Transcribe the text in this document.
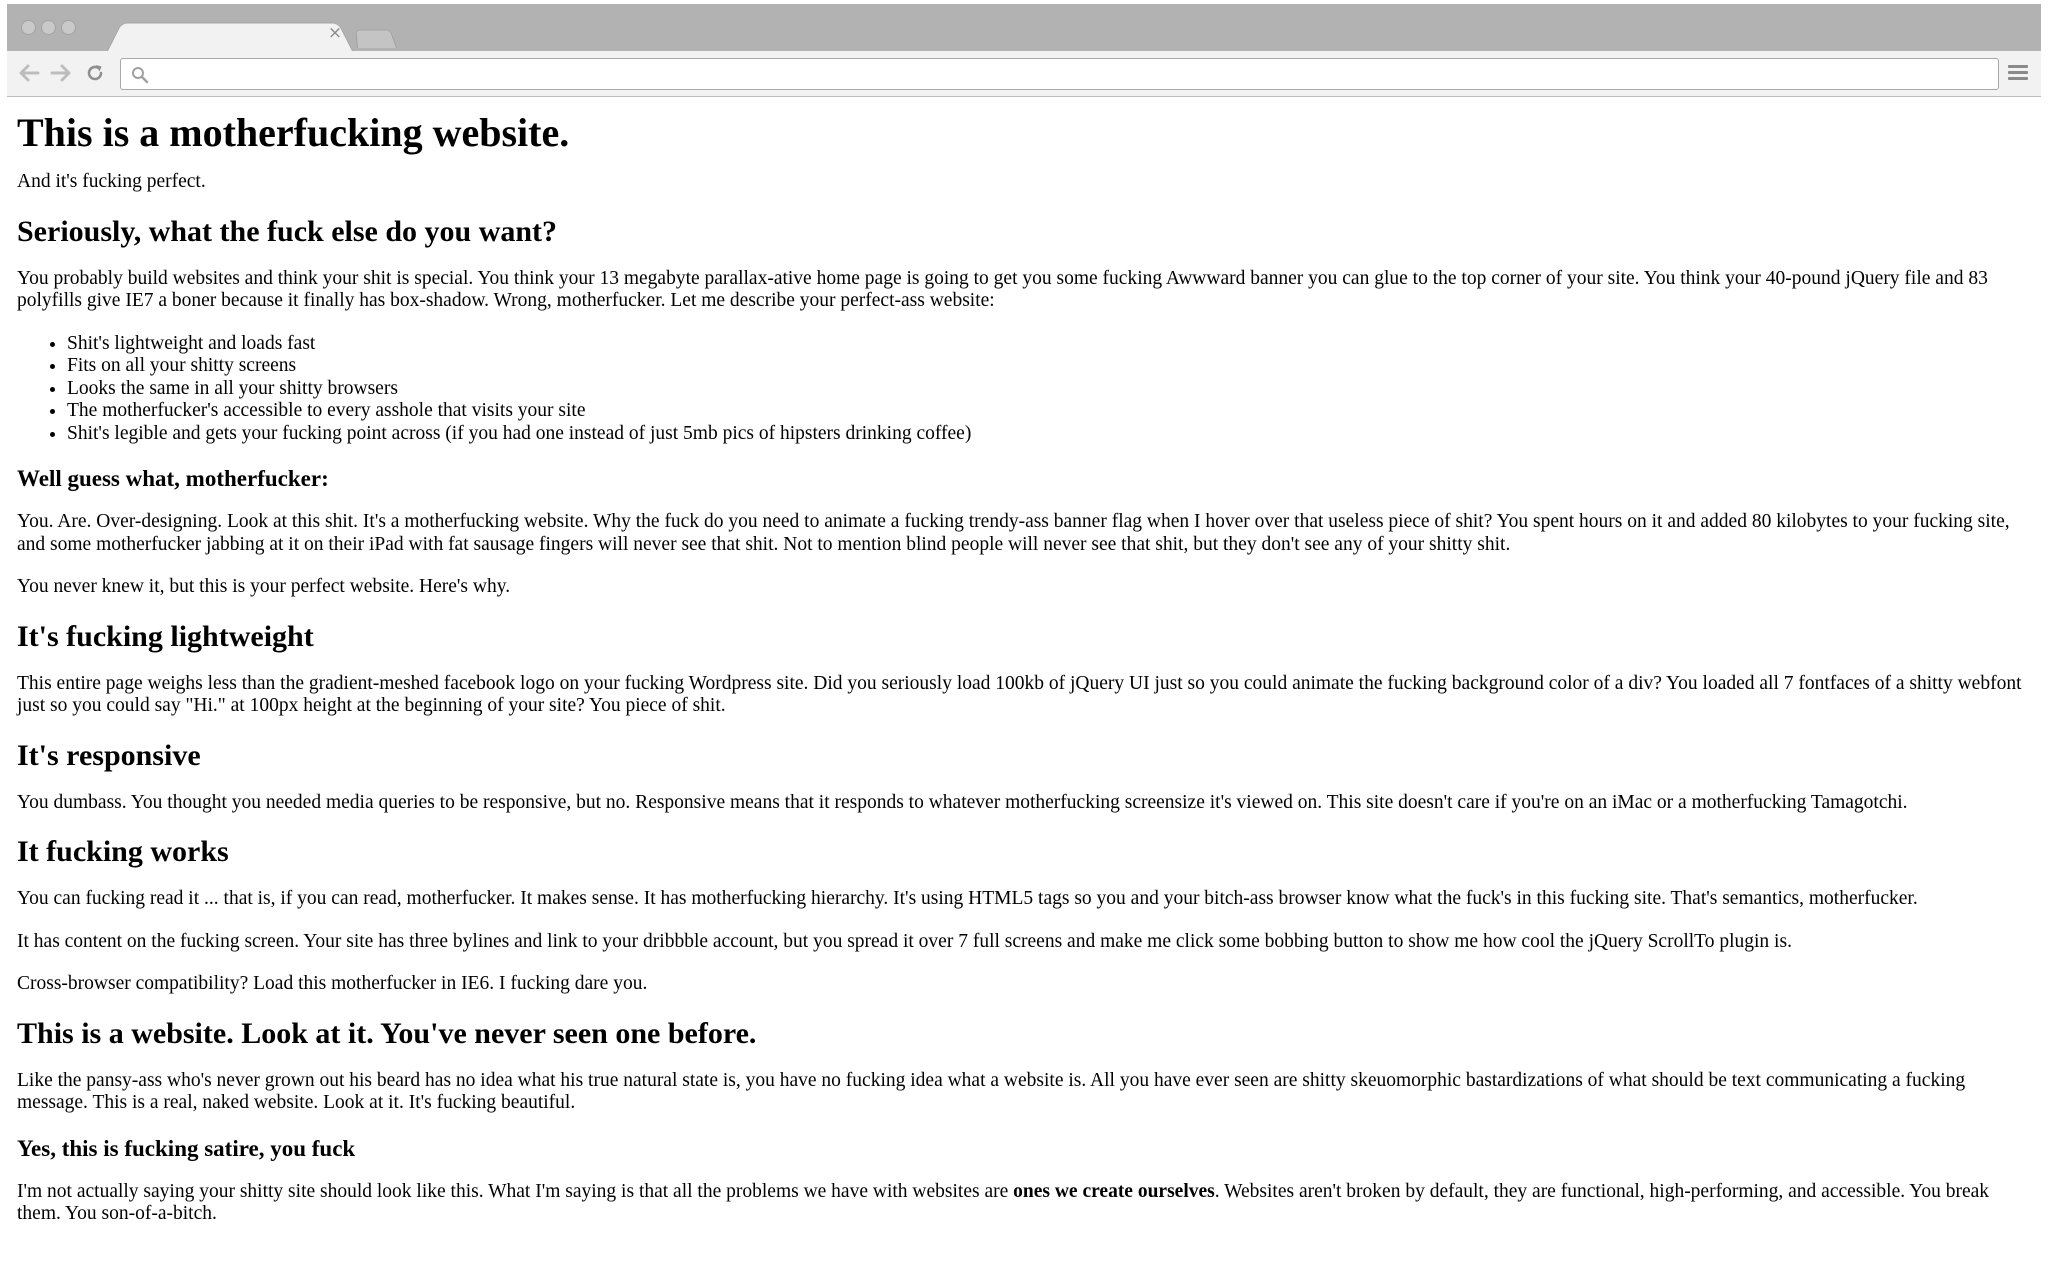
×
This is a motherfucking website.

And it's fucking perfect.

Seriously, what the fuck else do you want?

You probably build websites and think your shit is special. You think your 13 megabyte parallax-ative home page is going to get you some fucking Awwward banner you can glue to the top corner of your site. You think your 40-pound jQuery file and 83 polyfills give IE7 a boner because it finally has box-shadow. Wrong, motherfucker. Let me describe your perfect-ass website:

• Shit's lightweight and loads fast
• Fits on all your shitty screens
• Looks the same in all your shitty browsers
• The motherfucker's accessible to every asshole that visits your site
• Shit's legible and gets your fucking point across (if you had one instead of just 5mb pics of hipsters drinking coffee)
Well guess what, motherfucker:

You. Are. Over-designing. Look at this shit. It's a motherfucking website. Why the fuck do you need to animate a fucking trendy-ass banner flag when I hover over that useless piece of shit? You spent hours on it and added 80 kilobytes to your fucking site, and some motherfucker jabbing at it on their iPad with fat sausage fingers will never see that shit. Not to mention blind people will never see that shit, but they don't see any of your shitty shit.

You never knew it, but this is your perfect website. Here's why.

It's fucking lightweight

This entire page weighs less than the gradient-meshed facebook logo on your fucking Wordpress site. Did you seriously load 100kb of jQuery UI just so you could animate the fucking background color of a div? You loaded all 7 fontfaces of a shitty webfont just so you could say "Hi." at 100px height at the beginning of your site? You piece of shit.

It's responsive

You dumbass. You thought you needed media queries to be responsive, but no. Responsive means that it responds to whatever motherfucking screensize it's viewed on. This site doesn't care if you're on an iMac or a motherfucking Tamagotchi.

It fucking works

You can fucking read it ... that is, if you can read, motherfucker. It makes sense. It has motherfucking hierarchy. It's using HTML5 tags so you and your bitch-ass browser know what the fuck's in this fucking site. That's semantics, motherfucker.

It has content on the fucking screen. Your site has three bylines and link to your dribbble account, but you spread it over 7 full screens and make me click some bobbing button to show me how cool the jQuery ScrollTo plugin is.

Cross-browser compatibility? Load this motherfucker in IE6. I fucking dare you.

This is a website. Look at it. You've never seen one before.

Like the pansy-ass who's never grown out his beard has no idea what his true natural state is, you have no fucking idea what a website is. All you have ever seen are shitty skeuomorphic bastardizations of what should be text communicating a fucking message. This is a real, naked website. Look at it. It's fucking beautiful.

Yes, this is fucking satire, you fuck

I'm not actually saying your shitty site should look like this. What I'm saying is that all the problems we have with websites are ones we create ourselves. Websites aren't broken by default, they are functional, high-performing, and accessible. You break them. You son-of-a-bitch.
